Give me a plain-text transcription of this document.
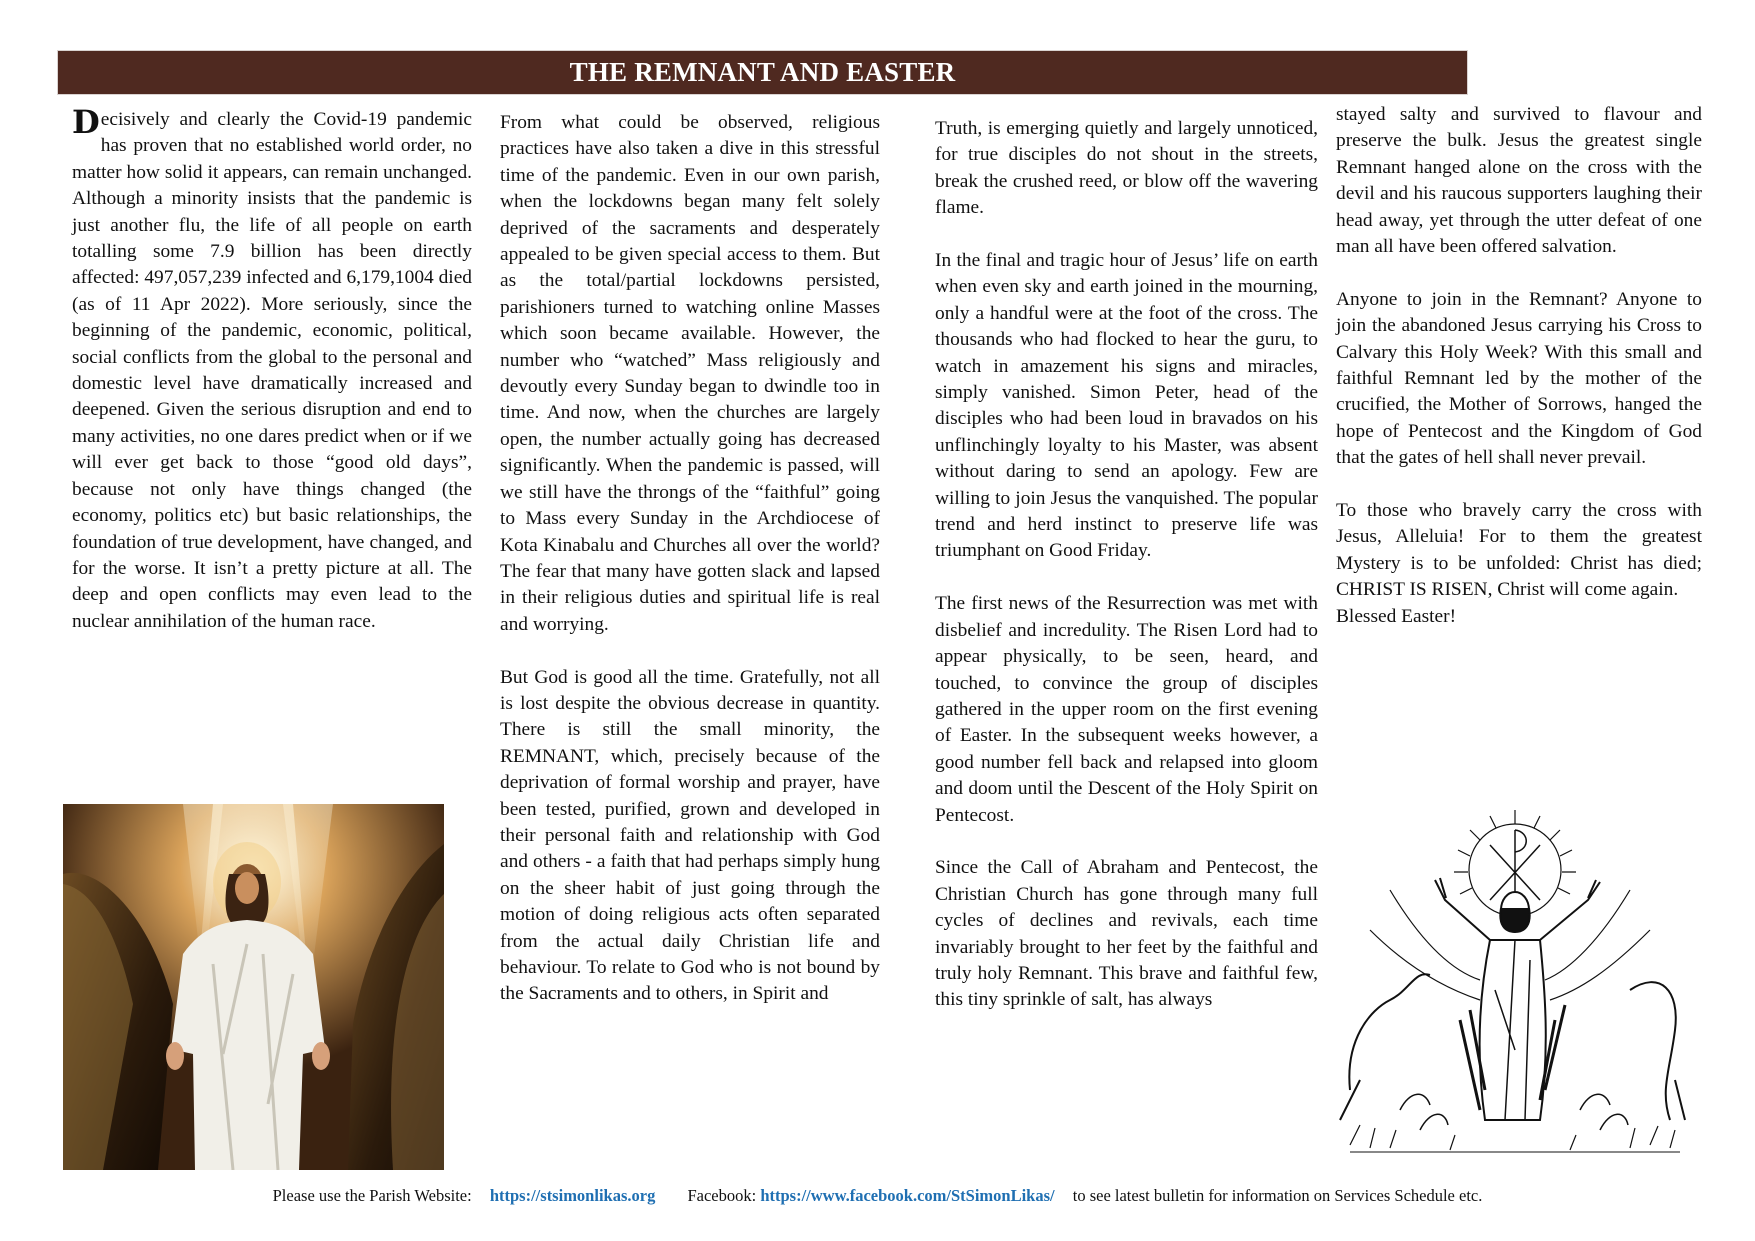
THE REMNANT AND EASTER

Decisively and clearly the Covid-19 pandemic has proven that no established world order, no matter how solid it appears, can remain unchanged. Although a minority insists that the pandemic is just another flu, the life of all people on earth totalling some 7.9 billion has been directly affected: 497,057,239 infected and 6,179,1004 died (as of 11 Apr 2022). More seriously, since the beginning of the pandemic, economic, political, social conflicts from the global to the personal and domestic level have dramatically increased and deepened. Given the serious disruption and end to many activities, no one dares predict when or if we will ever get back to those “good old days”, because not only have things changed (the economy, politics etc) but basic relationships, the foundation of true development, have changed, and for the worse. It isn’t a pretty picture at all. The deep and open conflicts may even lead to the nuclear annihilation of the human race.

From what could be observed, religious practices have also taken a dive in this stressful time of the pandemic. Even in our own parish, when the lockdowns began many felt solely deprived of the sacraments and desperately appealed to be given special access to them. But as the total/partial lockdowns persisted, parishioners turned to watching online Masses which soon became available. However, the number who “watched” Mass religiously and devoutly every Sunday began to dwindle too in time. And now, when the churches are largely open, the number actually going has decreased significantly. When the pandemic is passed, will we still have the throngs of the “faithful” going to Mass every Sunday in the Archdiocese of Kota Kinabalu and Churches all over the world? The fear that many have gotten slack and lapsed in their religious duties and spiritual life is real and worrying.

But God is good all the time. Gratefully, not all is lost despite the obvious decrease in quantity. There is still the small minority, the REMNANT, which, precisely because of the deprivation of formal worship and prayer, have been tested, purified, grown and developed in their personal faith and relationship with God and others - a faith that had perhaps simply hung on the sheer habit of just going through the motion of doing religious acts often separated from the actual daily Christian life and behaviour. To relate to God who is not bound by the Sacraments and to others, in Spirit and

Truth, is emerging quietly and largely unnoticed, for true disciples do not shout in the streets, break the crushed reed, or blow off the wavering flame.

In the final and tragic hour of Jesus’ life on earth when even sky and earth joined in the mourning, only a handful were at the foot of the cross. The thousands who had flocked to hear the guru, to watch in amazement his signs and miracles, simply vanished. Simon Peter, head of the disciples who had been loud in bravados on his unflinchingly loyalty to his Master, was absent without daring to send an apology. Few are willing to join Jesus the vanquished. The popular trend and herd instinct to preserve life was triumphant on Good Friday.

The first news of the Resurrection was met with disbelief and incredulity. The Risen Lord had to appear physically, to be seen, heard, and touched, to convince the group of disciples gathered in the upper room on the first evening of Easter. In the subsequent weeks however, a good number fell back and relapsed into gloom and doom until the Descent of the Holy Spirit on Pentecost.

Since the Call of Abraham and Pentecost, the Christian Church has gone through many full cycles of declines and revivals, each time invariably brought to her feet by the faithful and truly holy Remnant. This brave and faithful few, this tiny sprinkle of salt, has always

stayed salty and survived to flavour and preserve the bulk. Jesus the greatest single Remnant hanged alone on the cross with the devil and his raucous supporters laughing their head away, yet through the utter defeat of one man all have been offered salvation.

Anyone to join in the Remnant? Anyone to join the abandoned Jesus carrying his Cross to Calvary this Holy Week? With this small and faithful Remnant led by the mother of the crucified, the Mother of Sorrows, hanged the hope of Pentecost and the Kingdom of God that the gates of hell shall never prevail.

To those who bravely carry the cross with Jesus, Alleluia! For to them the greatest Mystery is to be unfolded: Christ has died; CHRIST IS RISEN, Christ will come again.

Blessed Easter!

Please use the Parish Website: https://stsimonlikas.org Facebook: https://www.facebook.com/StSimonLikas/ to see latest bulletin for information on Services Schedule etc.
